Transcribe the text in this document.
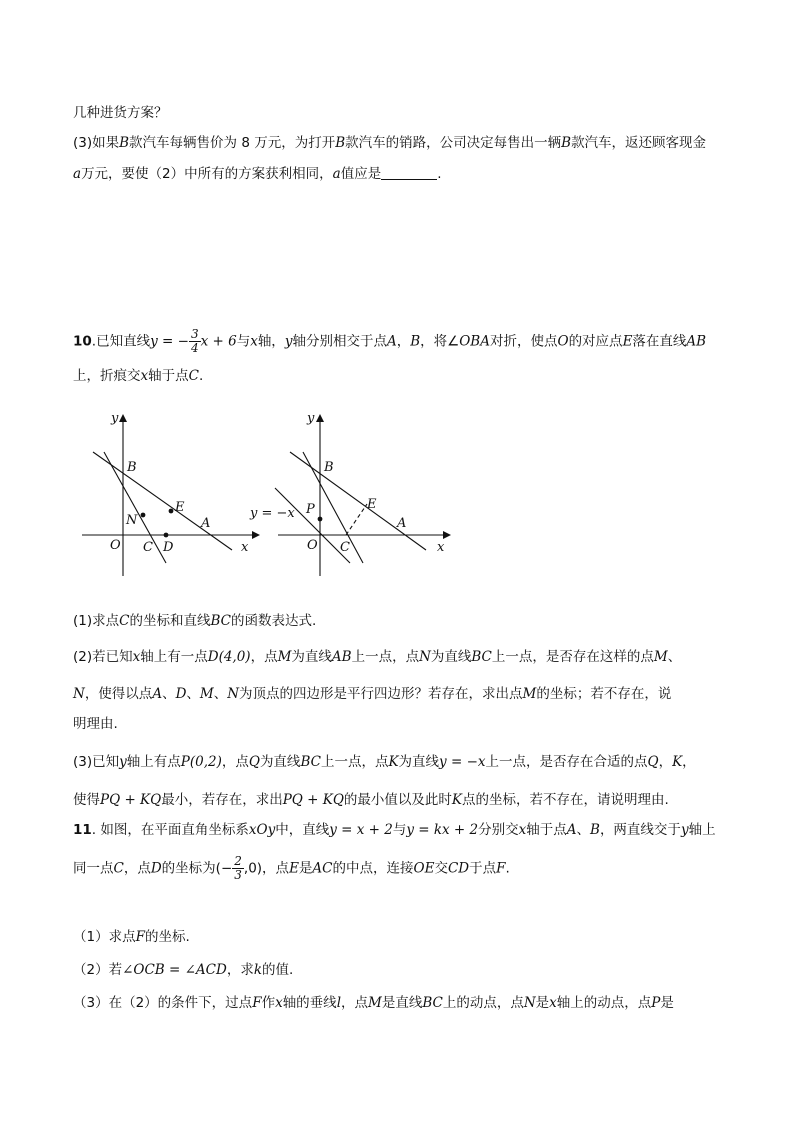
几种进货方案？
(3)如果B款汽车每辆售价为 8 万元，为打开B款汽车的销路，公司决定每售出一辆B款汽车，返还顾客现金
a万元，要使（2）中所有的方案获利相同，a值应是	.
10.已知直线y = − $\frac{3}{4}$ x + 6与x轴，y轴分别相交于点A，B，将∠OBA对折，使点O的对应点E落在直线AB
上，折痕交x轴于点C.
y
x
O
B
N
E
A
C D
y
x
O
B
P	E
A
C
y = −x
(1)求点C的坐标和直线BC的函数表达式.
(2)若已知x轴上有一点D(4,0)，点M为直线AB上一点，点N为直线BC上一点，是否存在这样的点M、
N，使得以点A、D、M、N为顶点的四边形是平行四边形？若存在，求出点M的坐标；若不存在，说
明理由.
(3)已知y轴上有点P(0,2)，点Q为直线BC上一点，点K为直线y = −x上一点，是否存在合适的点Q，K，
使得PQ + KQ最小，若存在，求出PQ + KQ的最小值以及此时K点的坐标，若不存在，请说明理由.
11. 如图，在平面直角坐标系xOy中，直线y = x + 2与y = kx + 2分别交x轴于点A、B，两直线交于y轴上
同一点C，点D的坐标为(− $\frac{2}{3} ,0$)，点E是AC的中点，连接OE交CD于点F.
（1）求点F的坐标.
（2）若∠OCB = ∠ACD，求k的值.
（3）在（2）的条件下，过点F作x轴的垂线l，点M是直线BC上的动点，点N是x轴上的动点，点P是
